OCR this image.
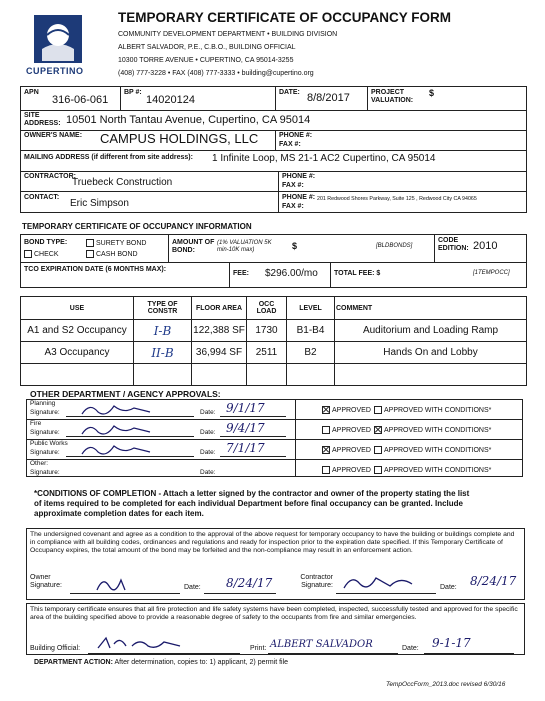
CUPERTINO
TEMPORARY CERTIFICATE OF OCCUPANCY FORM
COMMUNITY DEVELOPMENT DEPARTMENT • BUILDING DIVISION
ALBERT SALVADOR, P.E., C.B.O., BUILDING OFFICIAL
10300 TORRE AVENUE • CUPERTINO, CA 95014-3255
(408) 777-3228 • FAX (408) 777-3333 • building@cupertino.org
APN
316-06-061
BP #:
14020124
DATE: 8/8/2017	PROJECT VALUATION:
$
SITE ADDRESS: 10501 North Tantau Avenue, Cupertino, CA 95014
OWNER'S NAME: CAMPUS HOLDINGS, LLC	PHONE #:
FAX #:
MAILING ADDRESS (if different from site address): 1 Infinite Loop, MS 21-1 AC2 Cupertino, CA 95014
CONTRACTOR:
Truebeck Construction
PHONE #:
FAX #:
CONTACT:
Eric Simpson
PHONE #:
FAX #:
201 Redwood Shores Parkway, Suite 125 , Redwood City CA 94065
TEMPORARY CERTIFICATE OF OCCUPANCY INFORMATION
BOND TYPE:	SURETY BOND
CHECK	CASH BOND
AMOUNT OF BOND:
(1% VALUATION 5K min-10K max)	$	[BLDBONDS]
CODE EDITION: 2010
TCO EXPIRATION DATE (6 MONTHS MAX):
FEE: $296.00/mo TOTAL FEE: $	[1TEMPOCC]
USE	TYPE OF CONSTR	FLOOR AREA	OCC LOAD	LEVEL	COMMENT
A1 and S2 Occupancy	I-B	122,388 SF	1730	B1-B4	Auditorium and Loading Ramp
A3 Occupancy	II-B	36,994 SF	2511	B2	Hands On and Lobby

OTHER DEPARTMENT / AGENCY APPROVALS:
Planning
Signature:	Date: 9/1/17	APPROVED	APPROVED WITH CONDITIONS*
Fire
Signature:	Date: 9/4/17	APPROVED	APPROVED WITH CONDITIONS*
Public Works
Signature:	Date: 7/1/17	APPROVED	APPROVED WITH CONDITIONS*
Other:
Signature:	Date:	APPROVED	APPROVED WITH CONDITIONS*
*CONDITIONS OF COMPLETION - Attach a letter signed by the contractor and owner of the property stating the list of items required to be completed for each individual Department before final occupancy can be granted. Include approximate completion dates for each item.
The undersigned covenant and agree as a condition to the approval of the above request for temporary occupancy to have the building or buildings complete and in compliance with all building codes, ordinances and regulations and ready for inspection prior to the expiration date specified. If this Temporary Certificate of Occupancy expires, the total amount of the bond may be forfeited and the non-compliance may result in an enforcement action.
Owner Signature:	Date: 8/24/17	Contractor Signature:	Date: 8/24/17
This temporary certificate ensures that all fire protection and life safety systems have been completed, inspected, successfully tested and approved for the specific area of the building specified above to provide a reasonable degree of safety to the occupants from fire and similar emergencies.
Building Official:	Print: ALBERT SALVADOR	Date: 9-1-17
DEPARTMENT ACTION: After determination, copies to: 1) applicant, 2) permit file
TempOccForm_2013.doc revised 6/30/16
